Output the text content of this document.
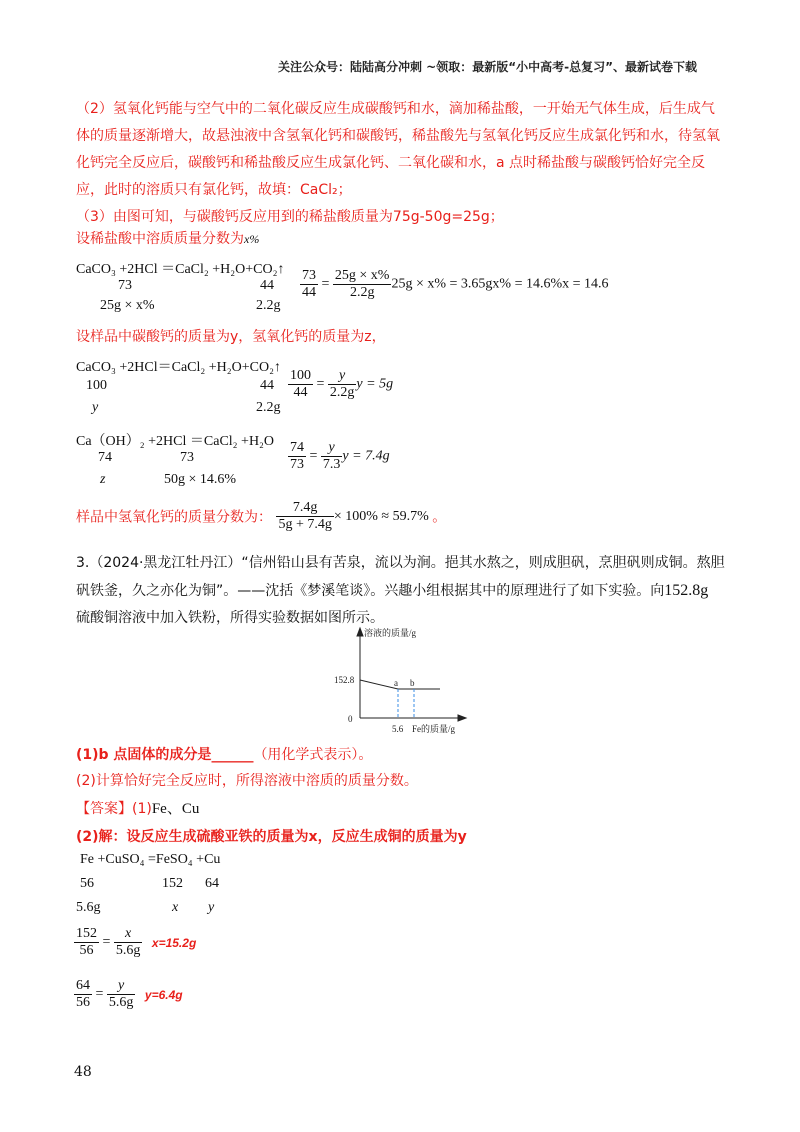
关注公众号：陆陆高分冲刺 ~领取：最新版“小中高考-总复习”、最新试卷下载
（2）氢氧化钙能与空气中的二氧化碳反应生成碳酸钙和水，滴加稀盐酸，一开始无气体生成，后生成气体的质量逐渐增大，故悬浊液中含氢氧化钙和碳酸钙，稀盐酸先与氢氧化钙反应生成氯化钙和水，待氢氧化钙完全反应后，碳酸钙和稀盐酸反应生成氯化钙、二氧化碳和水，a 点时稀盐酸与碳酸钙恰好完全反应，此时的溶质只有氯化钙，故填：CaCl₂；
（3）由图可知，与碳酸钙反应用到的稀盐酸质量为75g-50g=25g；
设稀盐酸中溶质质量分数为x%
CaCO₃ +2HCl ＝CaCl₂ +H₂O+CO₂↑
73	44
25g × x%	2.2g
$\frac{73}{44} = \frac{25g \times x\%}{2.2g} 25g \times x\% = 3.65gx\% = 14.6\%x = 14.6$
设样品中碳酸钙的质量为y，氢氧化钙的质量为z，
CaCO₃ +2HCl＝CaCl₂ +H₂O+CO₂↑
100	44
y	2.2g
$\frac{100}{44} = \frac{y}{2.2g}$ y = 5g
Ca（OH）₂ +2HCl ＝CaCl₂ +H₂O
74	73
z	50g × 14.6%
$\frac{74}{73} = \frac{y}{7.3}$ y = 7.4g
样品中氢氧化钙的质量分数为： $\frac{7.4g}{5g + 7.4g} \times 100\% \approx 59.7\%$ 。
3.（2024·黑龙江牡丹江）“信州铅山县有苦泉，流以为涧。挹其水熬之，则成胆矾，烹胆矾则成铜。熬胆矾铁釜，久之亦化为铜”。——沈括《梦溪笔谈》。兴趣小组根据其中的原理进行了如下实验。向152.8g
硫酸铜溶液中加入铁粉，所得实验数据如图所示。
溶液的质量/g
152.8
0
a b
5.6 Fe的质量/g
(1)b 点固体的成分是______（用化学式表示）。
(2)计算恰好完全反应时，所得溶液中溶质的质量分数。
【答案】(1)Fe、Cu
(2)解：设反应生成硫酸亚铁的质量为x，反应生成铜的质量为y
Fe +CuSO₄ =FeSO₄ +Cu
56	152 64
5.6g	x y
$\frac{152}{56} = \frac{x}{5.6g} x=15.2g$
$\frac{64}{56} = \frac{y}{5.6g} y=6.4g$
48
